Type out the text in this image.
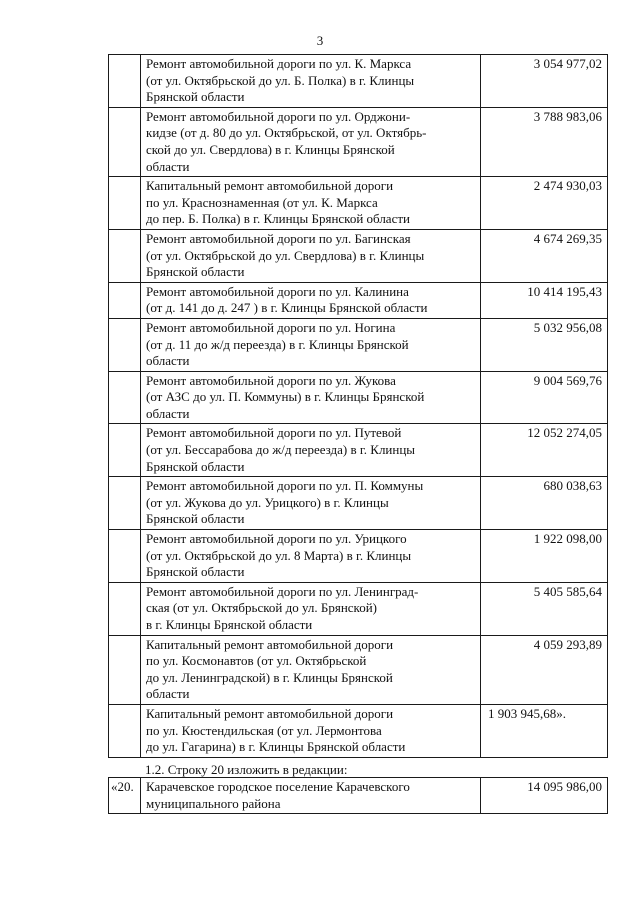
3

	Ремонт автомобильной дороги по ул. К. Маркса
(от ул. Октябрьской до ул. Б. Полка) в г. Клинцы
Брянской области	3 054 977,02

	Ремонт автомобильной дороги по ул. Орджони-
кидзе (от д. 80 до ул. Октябрьской, от ул. Октябрь-
ской до ул. Свердлова) в г. Клинцы Брянской
области	3 788 983,06

	Капитальный ремонт автомобильной дороги
по ул. Краснознаменная (от ул. К. Маркса
до пер. Б. Полка) в г. Клинцы Брянской области	2 474 930,03

	Ремонт автомобильной дороги по ул. Багинская
(от ул. Октябрьской до ул. Свердлова) в г. Клинцы
Брянской области	4 674 269,35

	Ремонт автомобильной дороги по ул. Калинина
(от д. 141 до д. 247 ) в г. Клинцы Брянской области	10 414 195,43

	Ремонт автомобильной дороги по ул. Ногина
(от д. 11 до ж/д переезда) в г. Клинцы Брянской
области	5 032 956,08

	Ремонт автомобильной дороги по ул. Жукова
(от АЗС до ул. П. Коммуны) в г. Клинцы Брянской
области	9 004 569,76

	Ремонт автомобильной дороги по ул. Путевой
(от ул. Бессарабова до ж/д переезда) в г. Клинцы
Брянской области	12 052 274,05

	Ремонт автомобильной дороги по ул. П. Коммуны
(от ул. Жукова до ул. Урицкого) в г. Клинцы
Брянской области	680 038,63

	Ремонт автомобильной дороги по ул. Урицкого
(от ул. Октябрьской до ул. 8 Марта) в г. Клинцы
Брянской области	1 922 098,00

	Ремонт автомобильной дороги по ул. Ленинград-
ская (от ул. Октябрьской до ул. Брянской)
в г. Клинцы Брянской области	5 405 585,64

	Капитальный ремонт автомобильной дороги
по ул. Космонавтов (от ул. Октябрьской
до ул. Ленинградской) в г. Клинцы Брянской
области	4 059 293,89

	Капитальный ремонт автомобильной дороги
по ул. Кюстендильская (от ул. Лермонтова
до ул. Гагарина) в г. Клинцы Брянской области	1 903 945,68».
1.2. Строку 20 изложить в редакции:
«20.	Карачевское городское поселение Карачевского
муниципального района
	14 095 986,00
